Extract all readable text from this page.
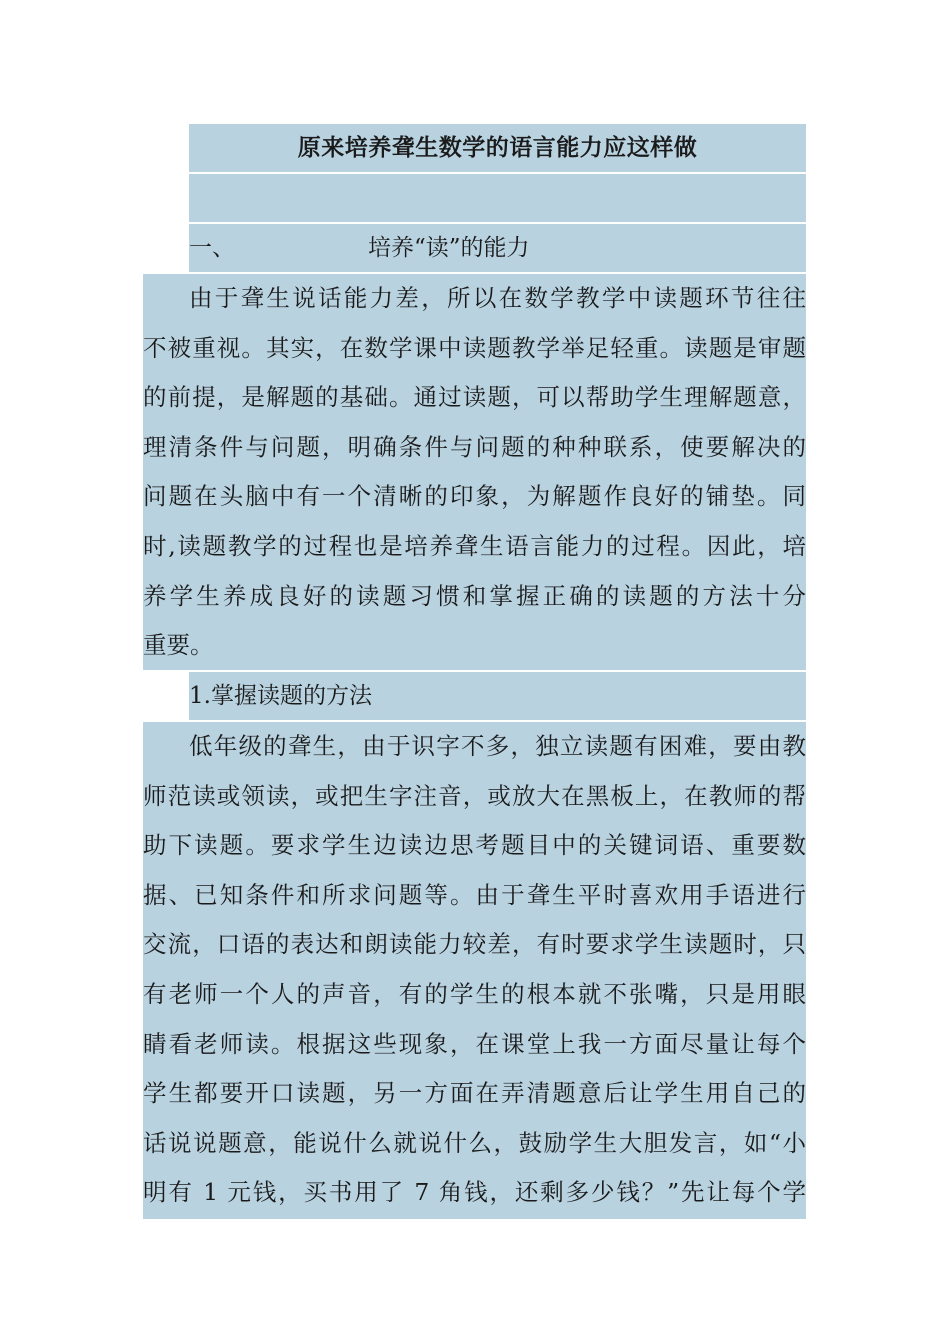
原来培养聋生数学的语言能力应这样做
一、	培养“读”的能力
由于聋生说话能力差，所以在数学教学中读题环节往往
不被重视。其实，在数学课中读题教学举足轻重。读题是审题
的前提，是解题的基础。通过读题，可以帮助学生理解题意，
理清条件与问题，明确条件与问题的种种联系，使要解决的
问题在头脑中有一个清晰的印象，为解题作良好的铺垫。同
时,读题教学的过程也是培养聋生语言能力的过程。因此，培
养学生养成良好的读题习惯和掌握正确的读题的方法十分
重要。
1.掌握读题的方法
低年级的聋生，由于识字不多，独立读题有困难，要由教
师范读或领读，或把生字注音，或放大在黑板上，在教师的帮
助下读题。要求学生边读边思考题目中的关键词语、重要数
据、已知条件和所求问题等。由于聋生平时喜欢用手语进行
交流，口语的表达和朗读能力较差，有时要求学生读题时，只
有老师一个人的声音，有的学生的根本就不张嘴，只是用眼
睛看老师读。根据这些现象，在课堂上我一方面尽量让每个
学生都要开口读题，另一方面在弄清题意后让学生用自己的
话说说题意，能说什么就说什么，鼓励学生大胆发言，如“小
明有 1 元钱，买书用了 7 角钱，还剩多少钱？”先让每个学
